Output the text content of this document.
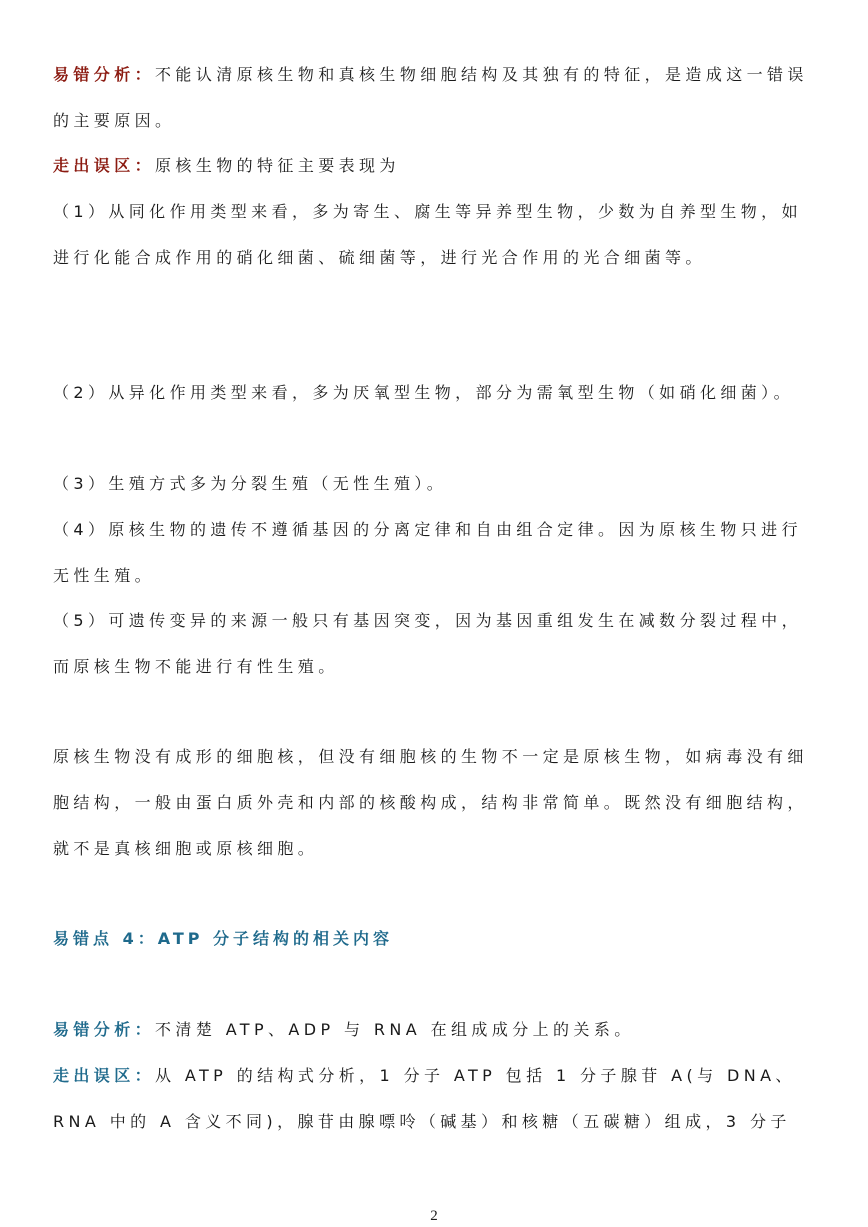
易错分析：不能认清原核生物和真核生物细胞结构及其独有的特征，是造成这一错误的主要原因。

走出误区：原核生物的特征主要表现为

（1）从同化作用类型来看，多为寄生、腐生等异养型生物，少数为自养型生物，如进行化能合成作用的硝化细菌、硫细菌等，进行光合作用的光合细菌等。

（2）从异化作用类型来看，多为厌氧型生物，部分为需氧型生物（如硝化细菌）。

（3）生殖方式多为分裂生殖（无性生殖）。

（4）原核生物的遗传不遵循基因的分离定律和自由组合定律。因为原核生物只进行无性生殖。

（5）可遗传变异的来源一般只有基因突变，因为基因重组发生在减数分裂过程中，而原核生物不能进行有性生殖。

原核生物没有成形的细胞核，但没有细胞核的生物不一定是原核生物，如病毒没有细胞结构，一般由蛋白质外壳和内部的核酸构成，结构非常简单。既然没有细胞结构，就不是真核细胞或原核细胞。

易错点 4：ATP 分子结构的相关内容

易错分析：不清楚 ATP、ADP 与 RNA 在组成成分上的关系。

走出误区：从 ATP 的结构式分析，1 分子 ATP 包括 1 分子腺苷 A(与 DNA、RNA 中的 A 含义不同)，腺苷由腺嘌呤（碱基）和核糖（五碳糖）组成，3 分子

2
